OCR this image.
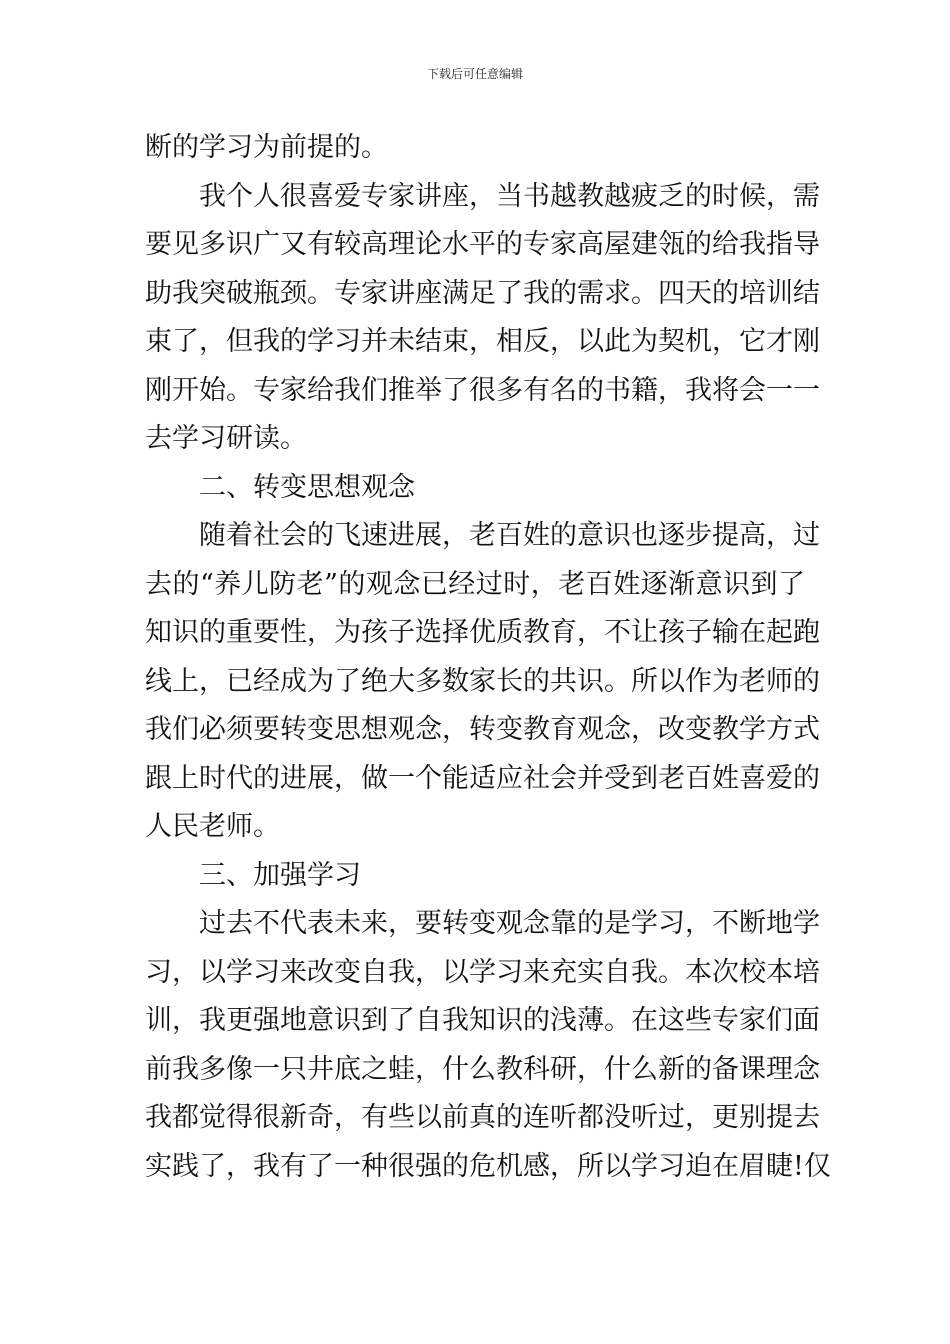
下载后可任意编辑
断的学习为前提的。
我个人很喜爱专家讲座，当书越教越疲乏的时候，需
要见多识广又有较高理论水平的专家高屋建瓴的给我指导
助我突破瓶颈。专家讲座满足了我的需求。四天的培训结
束了，但我的学习并未结束，相反，以此为契机，它才刚
刚开始。专家给我们推举了很多有名的书籍，我将会一一
去学习研读。
二、转变思想观念
随着社会的飞速进展，老百姓的意识也逐步提高，过
去的“养儿防老”的观念已经过时，老百姓逐渐意识到了
知识的重要性，为孩子选择优质教育，不让孩子输在起跑
线上，已经成为了绝大多数家长的共识。所以作为老师的
我们必须要转变思想观念，转变教育观念，改变教学方式
跟上时代的进展，做一个能适应社会并受到老百姓喜爱的
人民老师。
三、加强学习
过去不代表未来，要转变观念靠的是学习，不断地学
习，以学习来改变自我，以学习来充实自我。本次校本培
训，我更强地意识到了自我知识的浅薄。在这些专家们面
前我多像一只井底之蛙，什么教科研，什么新的备课理念
我都觉得很新奇，有些以前真的连听都没听过，更别提去
实践了，我有了一种很强的危机感，所以学习迫在眉睫!仅
